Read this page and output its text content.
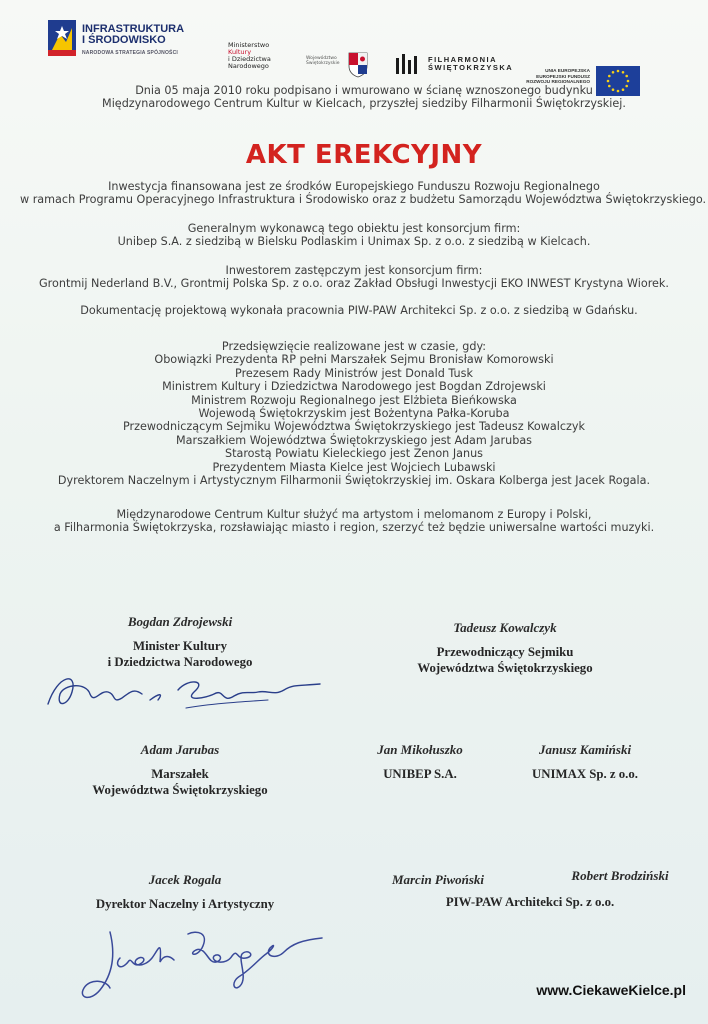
INFRASTRUKTURA
I ŚRODOWISKO
NARODOWA STRATEGIA SPÓJNOŚCI
Ministerstwo
Kultury
i Dziedzictwa
Narodowego
Województwo
Świętokrzyskie	FILHARMONIA
ŚWIĘTOKRZYSKA	UNIA EUROPEJSKA
EUROPEJSKI FUNDUSZ
ROZWOJU REGIONALNEGO
Dnia 05 maja 2010 roku podpisano i wmurowano w ścianę wznoszonego budynku
Międzynarodowego Centrum Kultur w Kielcach, przyszłej siedziby Filharmonii Świętokrzyskiej.
AKT EREKCYJNY
Inwestycja finansowana jest ze środków Europejskiego Funduszu Rozwoju Regionalnego
w ramach Programu Operacyjnego Infrastruktura i Środowisko oraz z budżetu Samorządu Województwa Świętokrzyskiego.
Generalnym wykonawcą tego obiektu jest konsorcjum firm:
Unibep S.A. z siedzibą w Bielsku Podlaskim i Unimax Sp. z o.o. z siedzibą w Kielcach.
Inwestorem zastępczym jest konsorcjum firm:
Grontmij Nederland B.V., Grontmij Polska Sp. z o.o. oraz Zakład Obsługi Inwestycji EKO INWEST Krystyna Wiorek.
Dokumentację projektową wykonała pracownia PIW-PAW Architekci Sp. z o.o. z siedzibą w Gdańsku.
Przedsięwzięcie realizowane jest w czasie, gdy:
Obowiązki Prezydenta RP pełni Marszałek Sejmu Bronisław Komorowski
Prezesem Rady Ministrów jest Donald Tusk
Ministrem Kultury i Dziedzictwa Narodowego jest Bogdan Zdrojewski
Ministrem Rozwoju Regionalnego jest Elżbieta Bieńkowska
Wojewodą Świętokrzyskim jest Bożentyna Pałka-Koruba
Przewodniczącym Sejmiku Województwa Świętokrzyskiego jest Tadeusz Kowalczyk
Marszałkiem Województwa Świętokrzyskiego jest Adam Jarubas
Starostą Powiatu Kieleckiego jest Zenon Janus
Prezydentem Miasta Kielce jest Wojciech Lubawski
Dyrektorem Naczelnym i Artystycznym Filharmonii Świętokrzyskiej im. Oskara Kolberga jest Jacek Rogala.
Międzynarodowe Centrum Kultur służyć ma artystom i melomanom z Europy i Polski,
a Filharmonia Świętokrzyska, rozsławiając miasto i region, szerzyć też będzie uniwersalne wartości muzyki.
Bogdan Zdrojewski
Minister Kultury
i Dziedzictwa Narodowego
Tadeusz Kowalczyk
Przewodniczący Sejmiku
Województwa Świętokrzyskiego
Adam Jarubas
Marszałek
Województwa Świętokrzyskiego
Jan Mikołuszko
UNIBEP S.A.
Janusz Kamiński
UNIMAX Sp. z o.o.
Jacek Rogala
Dyrektor Naczelny i Artystyczny
Marcin Piwoński	Robert Brodziński
PIW-PAW Architekci Sp. z o.o.
www.CiekaweKielce.pl
